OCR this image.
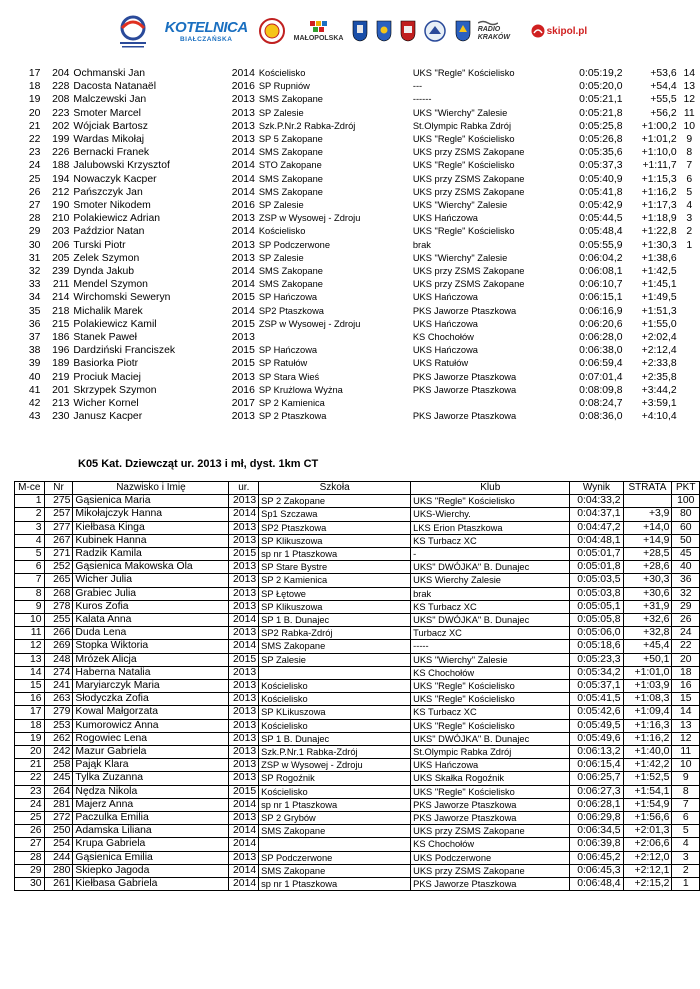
KOTELNICA
BIAŁCZAŃSKA	MAŁOPOLSKA
RADIO
KRAKÓW
skipol.pl
17	204	Ochmanski Jan	2014	Kościelisko	UKS "Regle" Kościelisko	0:05:19,2	+53,6	14
18	228	Dacosta Natanaël	2016	SP Rupniów	---	0:05:20,0	+54,4	13
19	208	Malczewski Jan	2013	SMS Zakopane	------	0:05:21,1	+55,5	12
20	223	Smoter Marcel	2013	SP Zalesie	UKS "Wierchy" Zalesie	0:05:21,8	+56,2	11
21	202	Wójciak Bartosz	2013	Szk.P.Nr.2 Rabka-Zdrój	St.Olympic Rabka Zdrój	0:05:25,8	+1:00,2	10
22	199	Wardas Mikołaj	2013	SP 5 Zakopane	UKS "Regle" Kościelisko	0:05:26,8	+1:01,2	9
23	226	Bernacki Franek	2014	SMS Zakopane	UKS przy ZSMS Zakopane	0:05:35,6	+1:10,0	8
24	188	Jalubowski Krzysztof	2014	STO Zakopane	UKS "Regle" Kościelisko	0:05:37,3	+1:11,7	7
25	194	Nowaczyk Kacper	2014	SMS Zakopane	UKS przy ZSMS Zakopane	0:05:40,9	+1:15,3	6
26	212	Pańszczyk Jan	2014	SMS Zakopane	UKS przy ZSMS Zakopane	0:05:41,8	+1:16,2	5
27	190	Smoter Nikodem	2016	SP Zalesie	UKS "Wierchy" Zalesie	0:05:42,9	+1:17,3	4
28	210	Polakiewicz Adrian	2013	ZSP w Wysowej - Zdroju	UKS Hańczowa	0:05:44,5	+1:18,9	3
29	203	Paździor Natan	2014	Kościelisko	UKS "Regle" Kościelisko	0:05:48,4	+1:22,8	2
30	206	Turski Piotr	2013	SP Podczerwone	brak	0:05:55,9	+1:30,3	1
31	205	Zelek Szymon	2013	SP Zalesie	UKS "Wierchy" Zalesie	0:06:04,2	+1:38,6	
32	239	Dynda Jakub	2014	SMS Zakopane	UKS przy ZSMS Zakopane	0:06:08,1	+1:42,5	
33	211	Mendel Szymon	2014	SMS Zakopane	UKS przy ZSMS Zakopane	0:06:10,7	+1:45,1	
34	214	Wirchomski Seweryn	2015	SP Hańczowa	UKS Hańczowa	0:06:15,1	+1:49,5	
35	218	Michalik Marek	2014	SP2 Ptaszkowa	PKS Jaworze Ptaszkowa	0:06:16,9	+1:51,3	
36	215	Polakiewicz Kamil	2015	ZSP w Wysowej - Zdroju	UKS Hańczowa	0:06:20,6	+1:55,0	
37	186	Stanek Paweł	2013		KS Chochołów	0:06:28,0	+2:02,4	
38	196	Dardziński Franciszek	2015	SP Hańczowa	UKS Hańczowa	0:06:38,0	+2:12,4	
39	189	Basiorka Piotr	2015	SP Ratułów	UKS Ratułów	0:06:59,4	+2:33,8	
40	219	Prociuk Maciej	2013	SP Stara Wieś	PKS Jaworze Ptaszkowa	0:07:01,4	+2:35,8	
41	201	Skrzypek Szymon	2016	SP Krużlowa Wyżna	PKS Jaworze Ptaszkowa	0:08:09,8	+3:44,2	
42	213	Wicher Kornel	2017	SP 2 Kamienica		0:08:24,7	+3:59,1	
43	230	Janusz Kacper	2013	SP 2 Ptaszkowa	PKS Jaworze Ptaszkowa	0:08:36,0	+4:10,4	
K05 Kat. Dziewcząt ur. 2013 i mł, dyst. 1km CT
M-ce	Nr	Nazwisko i Imię	ur.	Szkoła	Klub	Wynik	STRATA	PKT
1	275	Gąsienica Maria	2013	SP 2 Zakopane	UKS "Regle" Kościelisko	0:04:33,2		100
2	257	Mikołajczyk Hanna	2014	Sp1 Szczawa	UKS-Wierchy.	0:04:37,1	+3,9	80
3	277	Kiełbasa Kinga	2013	SP2 Ptaszkowa	LKS Erion Ptaszkowa	0:04:47,2	+14,0	60
4	267	Kubinek Hanna	2013	SP Klikuszowa	KS Turbacz XC	0:04:48,1	+14,9	50
5	271	Radzik Kamila	2015	sp nr 1 Ptaszkowa	-	0:05:01,7	+28,5	45
6	252	Gąsienica Makowska Ola	2013	SP Stare Bystre	UKS" DWÓJKA" B. Dunajec	0:05:01,8	+28,6	40
7	265	Wicher Julia	2013	SP 2 Kamienica	UKS Wierchy Zalesie	0:05:03,5	+30,3	36
8	268	Grabiec Julia	2013	SP Łętowe	brak	0:05:03,8	+30,6	32
9	278	Kuros Zofia	2013	SP Klikuszowa	KS Turbacz XC	0:05:05,1	+31,9	29
10	255	Kalata Anna	2014	SP 1 B. Dunajec	UKS" DWÓJKA" B. Dunajec	0:05:05,8	+32,6	26
11	266	Duda Lena	2013	SP2 Rabka-Zdrój	Turbacz XC	0:05:06,0	+32,8	24
12	269	Stopka Wiktoria	2014	SMS Zakopane	-----	0:05:18,6	+45,4	22
13	248	Mrózek Alicja	2015	SP Zalesie	UKS "Wierchy" Zalesie	0:05:23,3	+50,1	20
14	274	Haberna Natalia	2013		KS Chochołów	0:05:34,2	+1:01,0	18
15	241	Maryiarczyk Maria	2013	Kościelisko	UKS "Regle" Kościelisko	0:05:37,1	+1:03,9	16
16	263	Słodyczka Zofia	2013	Kościelisko	UKS "Regle" Kościelisko	0:05:41,5	+1:08,3	15
17	279	Kowal Małgorzata	2013	SP KLikuszowa	KS Turbacz XC	0:05:42,6	+1:09,4	14
18	253	Kumorowicz Anna	2013	Kościelisko	UKS "Regle" Kościelisko	0:05:49,5	+1:16,3	13
19	262	Rogowiec Lena	2013	SP 1 B. Dunajec	UKS" DWÓJKA" B. Dunajec	0:05:49,6	+1:16,2	12
20	242	Mazur Gabriela	2013	Szk.P.Nr.1 Rabka-Zdrój	St.Olympic Rabka Zdrój	0:06:13,2	+1:40,0	11
21	258	Pająk Klara	2013	ZSP w Wysowej - Zdroju	UKS Hańczowa	0:06:15,4	+1:42,2	10
22	245	Tylka Zuzanna	2013	SP Rogoźnik	UKS Skałka Rogoźnik	0:06:25,7	+1:52,5	9
23	264	Nędza Nikola	2015	Kościelisko	UKS "Regle" Kościelisko	0:06:27,3	+1:54,1	8
24	281	Majerz Anna	2014	sp nr 1 Ptaszkowa	PKS Jaworze Ptaszkowa	0:06:28,1	+1:54,9	7
25	272	Paczulka Emilia	2013	SP 2 Grybów	PKS Jaworze Ptaszkowa	0:06:29,8	+1:56,6	6
26	250	Adamska Liliana	2014	SMS Zakopane	UKS przy ZSMS Zakopane	0:06:34,5	+2:01,3	5
27	254	Krupa Gabriela	2014		KS Chochołów	0:06:39,8	+2:06,6	4
28	244	Gąsienica Emilia	2013	SP Podczerwone	UKS Podczerwone	0:06:45,2	+2:12,0	3
29	280	Skiepko Jagoda	2014	SMS Zakopane	UKS przy ZSMS Zakopane	0:06:45,3	+2:12,1	2
30	261	Kiełbasa Gabriela	2014	sp nr 1 Ptaszkowa	PKS Jaworze Ptaszkowa	0:06:48,4	+2:15,2	1
